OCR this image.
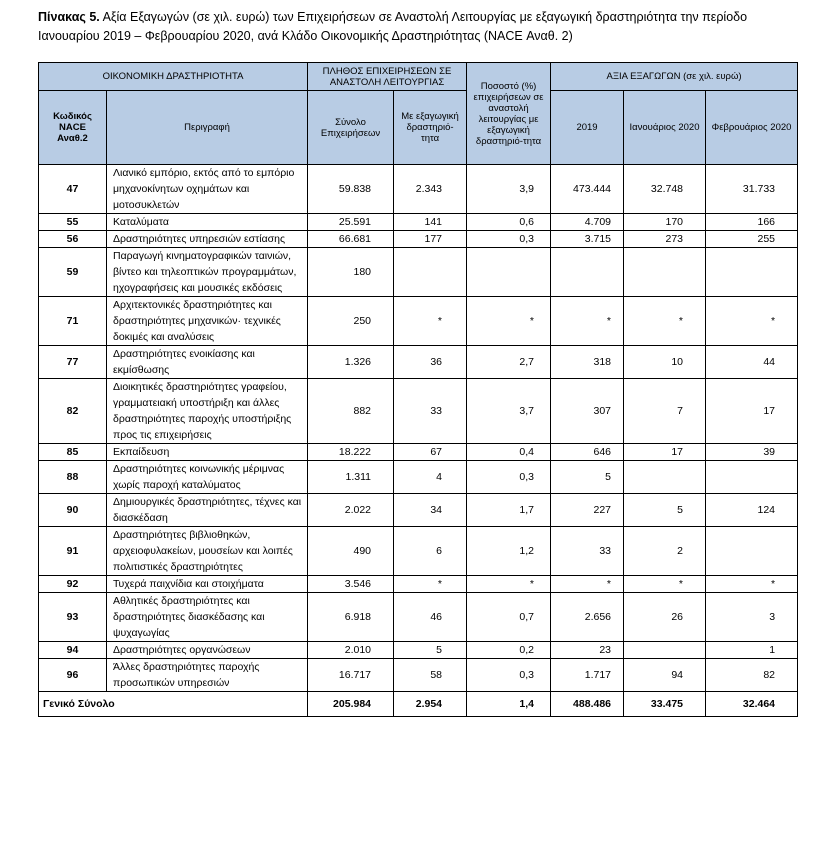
Πίνακας 5. Αξία Εξαγωγών (σε χιλ. ευρώ) των Επιχειρήσεων σε Αναστολή Λειτουργίας με εξαγωγική δραστηριότητα την περίοδο Ιανουαρίου 2019 – Φεβρουαρίου 2020, ανά Κλάδο Οικονομικής Δραστηριότητας (NACE Αναθ. 2)
ΟΙΚΟΝΟΜΙΚΗ ΔΡΑΣΤΗΡΙΟΤΗΤΑ		ΠΛΗΘΟΣ ΕΠΙΧΕΙΡΗΣΕΩΝ ΣΕ ΑΝΑΣΤΟΛΗ ΛΕΙΤΟΥΡΓΙΑΣ		Ποσοστό (%) επιχειρήσεων σε αναστολή λειτουργίας με εξαγωγική δραστηριό-τητα	ΑΞΙΑ ΕΞΑΓΩΓΩΝ (σε χιλ. ευρώ)		
Κωδικός NACE Αναθ.2	Περιγραφή	Σύνολο Επιχειρήσεων	Με εξαγωγική δραστηριό-τητα		2019	Ιανουάριος 2020	Φεβρουάριος 2020
47	Λιανικό εμπόριο, εκτός από το εμπόριο μηχανοκίνητων οχημάτων και μοτοσυκλετών	59.838	2.343	3,9	473.444	32.748	31.733
55	Καταλύματα	25.591	141	0,6	4.709	170	166
56	Δραστηριότητες υπηρεσιών εστίασης	66.681	177	0,3	3.715	273	255
59	Παραγωγή κινηματογραφικών ταινιών, βίντεο και τηλεοπτικών προγραμμάτων, ηχογραφήσεις και μουσικές εκδόσεις	180					
71	Αρχιτεκτονικές δραστηριότητες και δραστηριότητες μηχανικών· τεχνικές δοκιμές και αναλύσεις	250	*	*	*	*	*
77	Δραστηριότητες ενοικίασης και εκμίσθωσης	1.326	36	2,7	318	10	44
82	Διοικητικές δραστηριότητες γραφείου, γραμματειακή υποστήριξη και άλλες δραστηριότητες παροχής υποστήριξης προς τις επιχειρήσεις	882	33	3,7	307	7	17
85	Εκπαίδευση	18.222	67	0,4	646	17	39
88	Δραστηριότητες κοινωνικής μέριμνας χωρίς παροχή καταλύματος	1.311	4	0,3	5		
90	Δημιουργικές δραστηριότητες, τέχνες και διασκέδαση	2.022	34	1,7	227	5	124
91	Δραστηριότητες βιβλιοθηκών, αρχειοφυλακείων, μουσείων και λοιπές πολιτιστικές δραστηριότητες	490	6	1,2	33	2	
92	Τυχερά παιχνίδια και στοιχήματα	3.546	*	*	*	*	*
93	Αθλητικές δραστηριότητες και δραστηριότητες διασκέδασης και ψυχαγωγίας	6.918	46	0,7	2.656	26	3
94	Δραστηριότητες οργανώσεων	2.010	5	0,2	23		1
96	Άλλες δραστηριότητες παροχής προσωπικών υπηρεσιών	16.717	58	0,3	1.717	94	82
Γενικό Σύνολο		205.984	2.954	1,4	488.486	33.475	32.464
